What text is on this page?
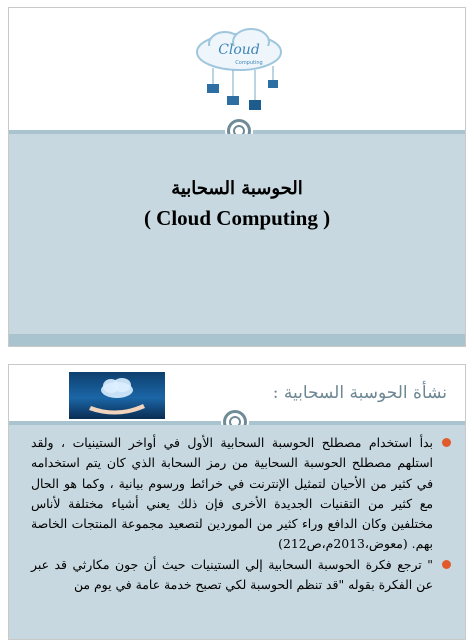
Cloud
Computing
الحوسبة السحابية
( Cloud Computing )
نشأة الحوسبة السحابية :
بدأ استخدام مصطلح الحوسبة السحابية الأول في أواخر الستينيات ، ولقد استلهم مصطلح الحوسبة السحابية من رمز السحابة الذي كان يتم استخدامه في كثير من الأحيان لتمثيل الإنترنت في خرائط ورسوم بيانية ، وكما هو الحال مع كثير من التقنيات الجديدة الأخرى فإن ذلك يعني أشياء مختلفة لأناس مختلفين وكان الدافع وراء كثير من الموردين لتصعيد مجموعة المنتجات الخاصة بهم. (معوض،2013م،ص212)
" ترجع فكرة الحوسبة السحابية إلي الستينيات حيث أن جون مكارثي قد عبر عن الفكرة بقوله "قد تنظم الحوسبة لكي تصبح خدمة عامة في يوم من
